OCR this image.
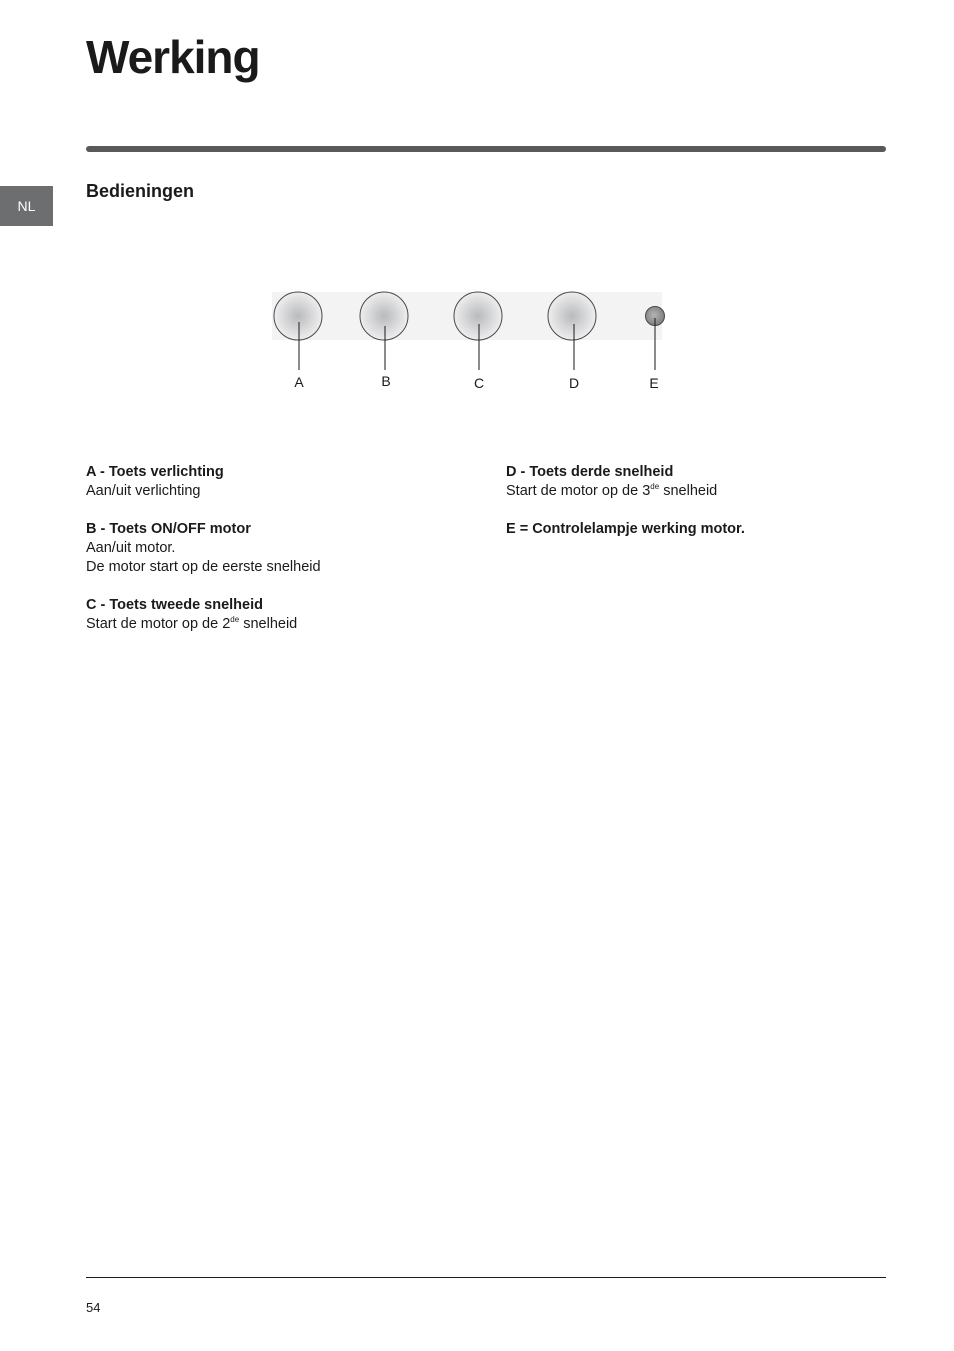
Werking
NL
Bedieningen
A	B	C	D	E
A - Toets verlichting
Aan/uit verlichting
B - Toets ON/OFF motor
Aan/uit motor.
De motor start op de eerste snelheid
C - Toets tweede snelheid
Start de motor op de 2de snelheid
D - Toets derde snelheid
Start de motor op de 3de snelheid
E = Controlelampje werking motor.
54
